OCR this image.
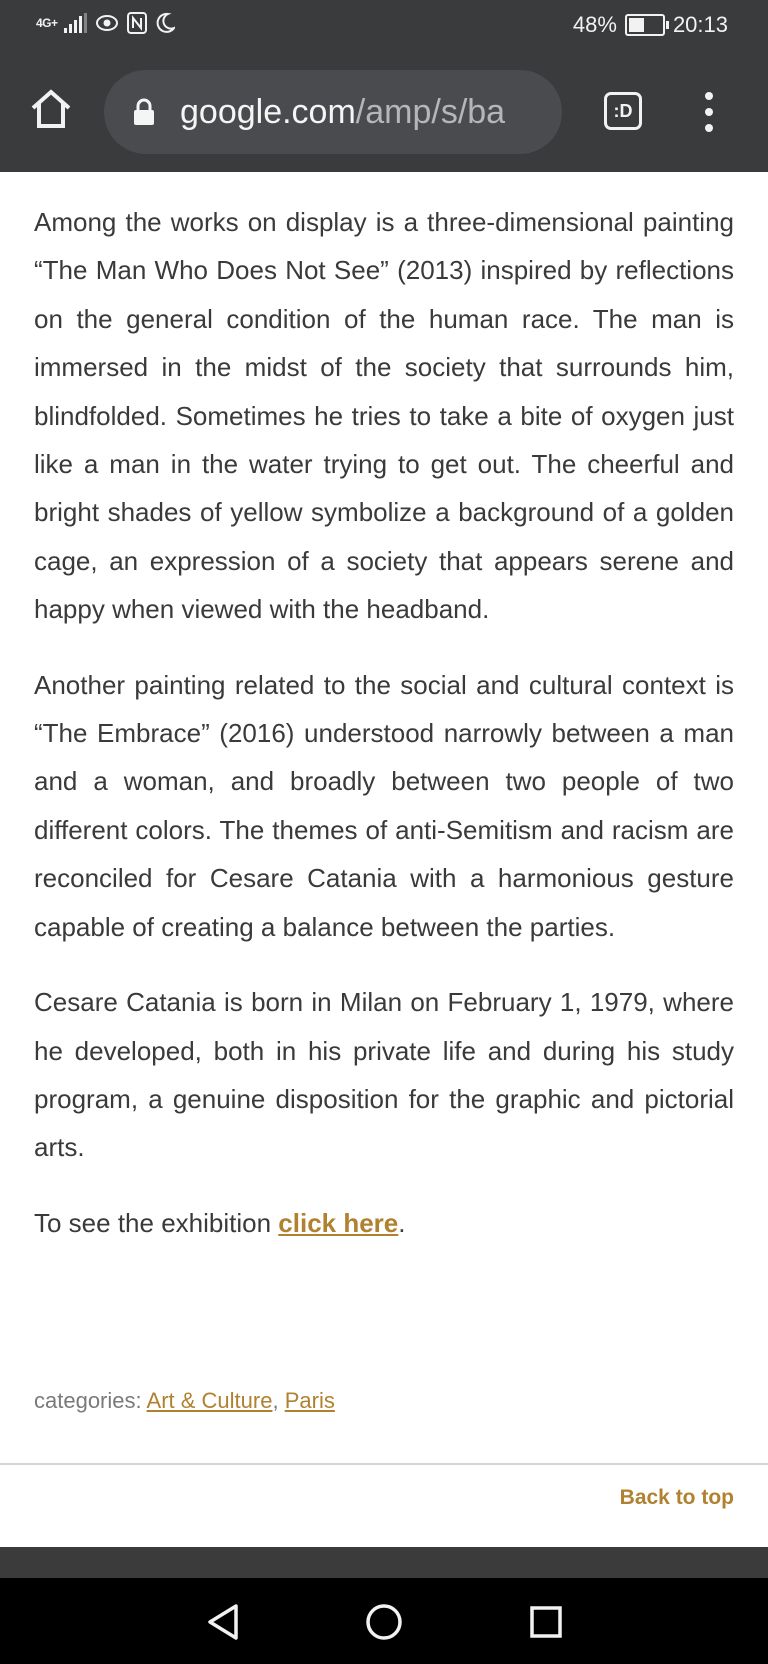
4G+	48%	20:13
google.com/amp/s/ba	:D

Among the works on display is a three-dimensional painting “The Man Who Does Not See” (2013) inspired by reflections on the general condition of the human race. The man is immersed in the midst of the society that surrounds him, blindfolded. Sometimes he tries to take a bite of oxygen just like a man in the water trying to get out. The cheerful and bright shades of yellow symbolize a background of a golden cage, an expression of a society that appears serene and happy when viewed with the headband.

Another painting related to the social and cultural context is “The Embrace” (2016) understood narrowly between a man and a woman, and broadly between two people of two different colors. The themes of anti-Semitism and racism are reconciled for Cesare Catania with a harmonious gesture capable of creating a balance between the parties.

Cesare Catania is born in Milan on February 1, 1979, where he developed, both in his private life and during his study program, a genuine disposition for the graphic and pictorial arts.

To see the exhibition click here.

categories: Art & Culture, Paris
Back to top
